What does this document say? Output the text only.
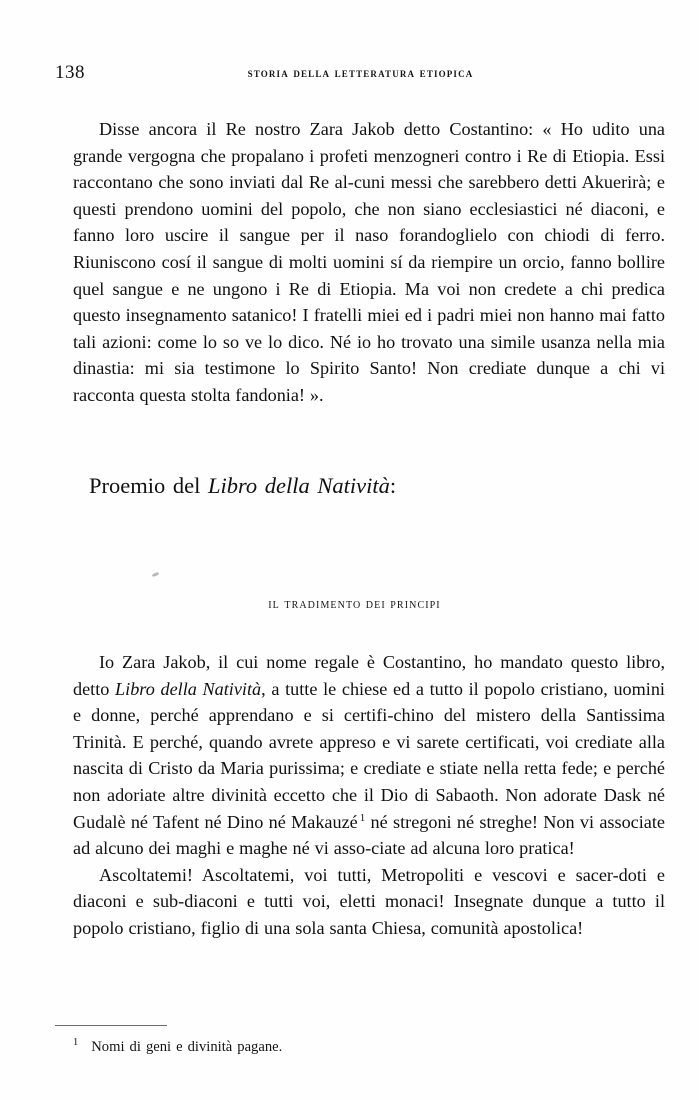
138	storia della letteratura etiopica

Disse ancora il Re nostro Zara Jakob detto Costantino: « Ho udito una grande vergogna che propalano i profeti menzogneri contro i Re di Etiopia. Essi raccontano che sono inviati dal Re al-cuni messi che sarebbero detti Akuerirà; e questi prendono uomini del popolo, che non siano ecclesiastici né diaconi, e fanno loro uscire il sangue per il naso forandoglielo con chiodi di ferro. Riuniscono cosí il sangue di molti uomini sí da riempire un orcio, fanno bollire quel sangue e ne ungono i Re di Etiopia. Ma voi non credete a chi predica questo insegnamento satanico! I fratelli miei ed i padri miei non hanno mai fatto tali azioni: come lo so ve lo dico. Né io ho trovato una simile usanza nella mia dinastia: mi sia testimone lo Spirito Santo! Non crediate dunque a chi vi racconta questa stolta fandonia! ».

Proemio del Libro della Natività:
il tradimento dei principi

Io Zara Jakob, il cui nome regale è Costantino, ho mandato questo libro, detto Libro della Natività, a tutte le chiese ed a tutto il popolo cristiano, uomini e donne, perché apprendano e si certifi-chino del mistero della Santissima Trinità. E perché, quando avrete appreso e vi sarete certificati, voi crediate alla nascita di Cristo da Maria purissima; e crediate e stiate nella retta fede; e perché non adoriate altre divinità eccetto che il Dio di Sabaoth. Non adorate Dask né Gudalè né Tafent né Dino né Makauzé $^1$ né stregoni né streghe! Non vi associate ad alcuno dei maghi e maghe né vi asso-ciate ad alcuna loro pratica!

Ascoltatemi! Ascoltatemi, voi tutti, Metropoliti e vescovi e sacer-doti e diaconi e sub-diaconi e tutti voi, eletti monaci! Insegnate dunque a tutto il popolo cristiano, figlio di una sola santa Chiesa, comunità apostolica!

$^1$ Nomi di geni e divinità pagane.
